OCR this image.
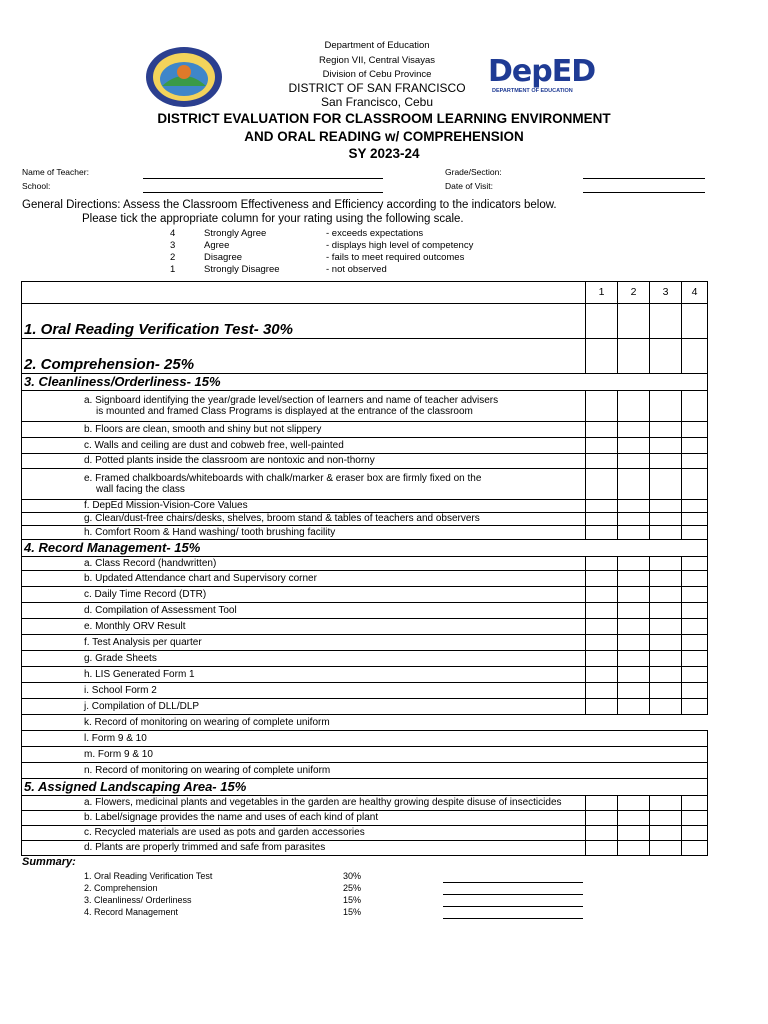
Department of Education
Region VII, Central Visayas
Division of Cebu Province
DISTRICT OF SAN FRANCISCO
San Francisco, Cebu
DepED
DEPARTMENT OF EDUCATION
DISTRICT EVALUATION FOR CLASSROOM LEARNING ENVIRONMENT
AND ORAL READING w/ COMPREHENSION
SY 2023-24
Name of Teacher:	Grade/Section:
School:	Date of Visit:
General Directions: Assess the Classroom Effectiveness and Efficiency according to the indicators below.
Please tick the appropriate column for your rating using the following scale.
4	Strongly Agree	- exceeds expectations
3	Agree	- displays high level of competency
2	Disagree	- fails to meet required outcomes
1	Strongly Disagree	- not observed
	1	2	3	4
1. Oral Reading Verification Test- 30%				
2. Comprehension- 25%				
3. Cleanliness/Orderliness- 15%				

a. Signboard identifying the year/grade level/section of learners and name of teacher advisers
is mounted and framed Class Programs is displayed at the entrance of the classroom				

b. Floors are clean, smooth and shiny but not slippery				
c. Walls and ceiling are dust and cobweb free, well-painted				
d. Potted plants inside the classroom are nontoxic and non-thorny				

e. Framed chalkboards/whiteboards with chalk/marker & eraser box are firmly fixed on the
wall facing the class				

f. DepEd Mission-Vision-Core Values				
g. Clean/dust-free chairs/desks, shelves, broom stand & tables of teachers and observers				
h. Comfort Room & Hand washing/ tooth brushing facility				
4. Record Management- 15%				
a. Class Record (handwritten)				
b. Updated Attendance chart and Supervisory corner				
c. Daily Time Record (DTR)				
d. Compilation of Assessment Tool				
e. Monthly ORV Result				
f. Test Analysis per quarter				
g. Grade Sheets				
h. LIS Generated Form 1				
i. School Form 2				
j. Compilation of DLL/DLP				
k. Record of monitoring on wearing of complete uniform				
l. Form 9 & 10				
m. Form 9 & 10				
n. Record of monitoring on wearing of complete uniform				
5. Assigned Landscaping Area- 15%				
a. Flowers, medicinal plants and vegetables in the garden are healthy growing despite disuse of insecticides				
b. Label/signage provides the name and uses of each kind of plant				
c. Recycled materials are used as pots and garden accessories				
d. Plants are properly trimmed and safe from parasites				
Summary:
1. Oral Reading Verification Test	30%
2. Comprehension	25%
3. Cleanliness/ Orderliness	15%
4. Record Management	15%
